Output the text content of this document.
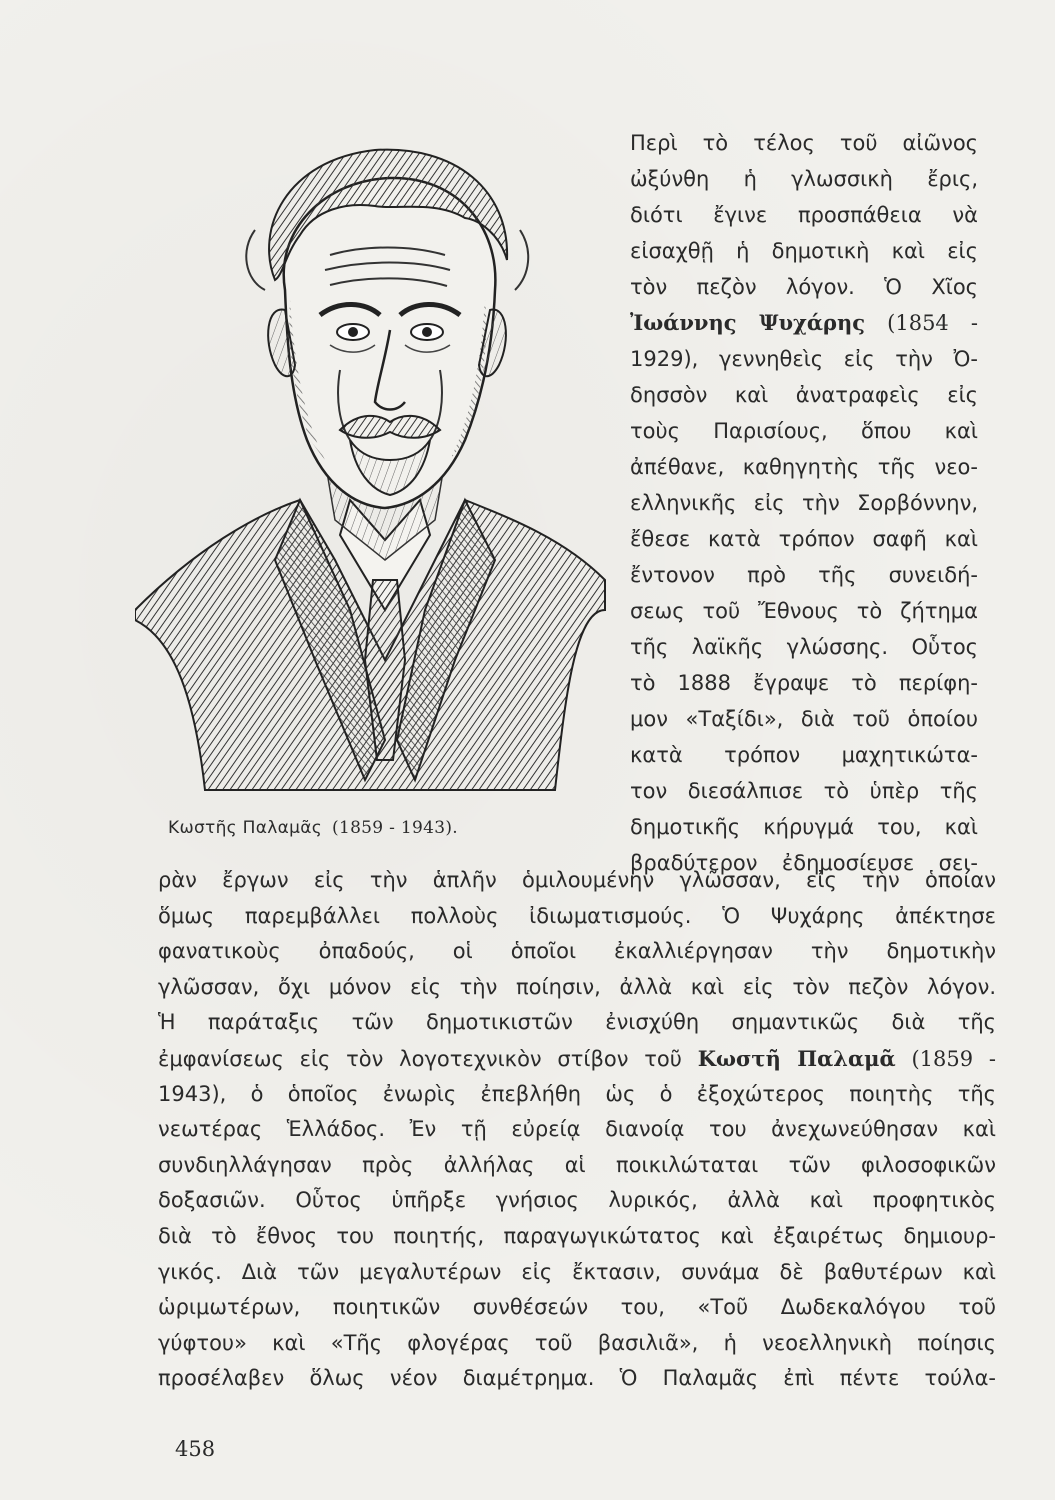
Κωστῆς Παλαμᾶς (1859 - 1943).
Περὶ τὸ τέλος τοῦ αἰῶνος
ὠξύνθη ἡ γλωσσικὴ ἔρις,
διότι ἔγινε προσπάθεια νὰ
εἰσαχθῇ ἡ δημοτικὴ καὶ εἰς
τὸν πεζὸν λόγον. Ὁ Χῖος
Ἰωάννης Ψυχάρης (1854 -
1929), γεννηθεὶς εἰς τὴν Ὀ-
δησσὸν καὶ ἀνατραφεὶς εἰς
τοὺς Παρισίους, ὅπου καὶ
ἀπέθανε, καθηγητὴς τῆς νεο-
ελληνικῆς εἰς τὴν Σορβόννην,
ἔθεσε κατὰ τρόπον σαφῆ καὶ
ἔντονον πρὸ τῆς συνειδή-
σεως τοῦ Ἔθνους τὸ ζήτημα
τῆς λαϊκῆς γλώσσης. Οὗτος
τὸ 1888 ἔγραψε τὸ περίφη-
μον «Ταξίδι», διὰ τοῦ ὁποίου
κατὰ τρόπον μαχητικώτα-
τον διεσάλπισε τὸ ὑπὲρ τῆς
δημοτικῆς κήρυγμά του, καὶ
βραδύτερον ἐδημοσίευσε σει-
ρὰν ἔργων εἰς τὴν ἁπλῆν ὁμιλουμένην γλῶσσαν, εἰς τὴν ὁποίαν
ὅμως παρεμβάλλει πολλοὺς ἰδιωματισμούς. Ὁ Ψυχάρης ἀπέκτησε
φανατικοὺς ὀπαδούς, οἱ ὁποῖοι ἐκαλλιέργησαν τὴν δημοτικὴν
γλῶσσαν, ὄχι μόνον εἰς τὴν ποίησιν, ἀλλὰ καὶ εἰς τὸν πεζὸν λόγον.
Ἡ παράταξις τῶν δημοτικιστῶν ἐνισχύθη σημαντικῶς διὰ τῆς
ἐμφανίσεως εἰς τὸν λογοτεχνικὸν στίβον τοῦ Κωστῆ Παλαμᾶ (1859 -
1943), ὁ ὁποῖος ἐνωρὶς ἐπεβλήθη ὡς ὁ ἐξοχώτερος ποιητὴς τῆς
νεωτέρας Ἑλλάδος. Ἐν τῇ εὐρείᾳ διανοίᾳ του ἀνεχωνεύθησαν καὶ
συνδιηλλάγησαν πρὸς ἀλλήλας αἱ ποικιλώταται τῶν φιλοσοφικῶν
δοξασιῶν. Οὗτος ὑπῆρξε γνήσιος λυρικός, ἀλλὰ καὶ προφητικὸς
διὰ τὸ ἔθνος του ποιητής, παραγωγικώτατος καὶ ἐξαιρέτως δημιουρ-
γικός. Διὰ τῶν μεγαλυτέρων εἰς ἔκτασιν, συνάμα δὲ βαθυτέρων καὶ
ὡριμωτέρων, ποιητικῶν συνθέσεών του, «Τοῦ Δωδεκαλόγου τοῦ
γύφτου» καὶ «Τῆς φλογέρας τοῦ βασιλιᾶ», ἡ νεοελληνικὴ ποίησις
προσέλαβεν ὅλως νέον διαμέτρημα. Ὁ Παλαμᾶς ἐπὶ πέντε τούλα-
458
